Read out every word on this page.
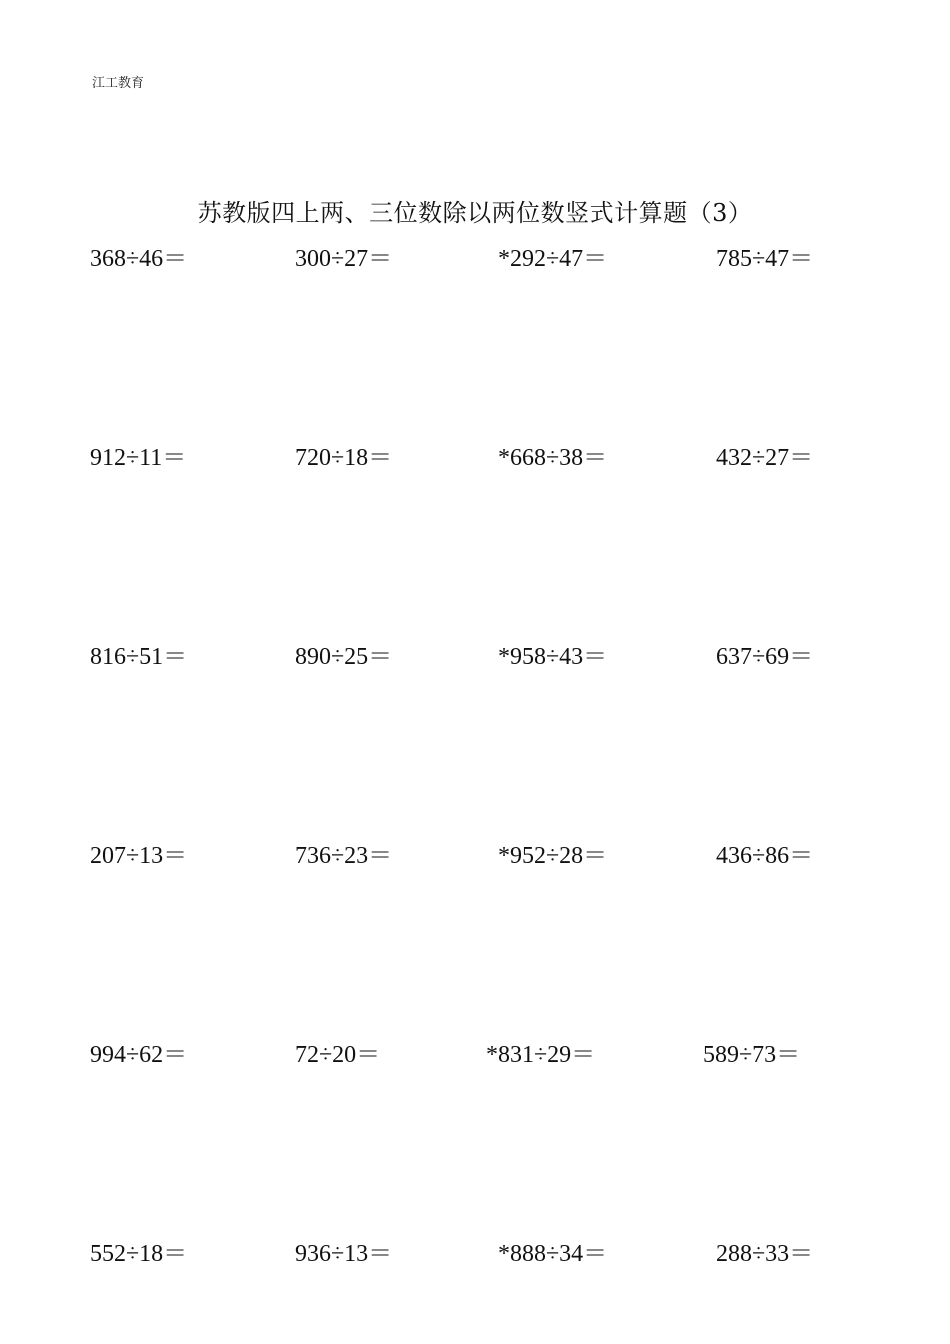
江工教育
苏教版四上两、三位数除以两位数竖式计算题（3）
368÷46＝	300÷27＝	*292÷47＝	785÷47＝
912÷11＝	720÷18＝	*668÷38＝	432÷27＝
816÷51＝	890÷25＝	*958÷43＝	637÷69＝
207÷13＝	736÷23＝	*952÷28＝	436÷86＝
994÷62＝	72÷20＝	*831÷29＝	589÷73＝
552÷18＝	936÷13＝	*888÷34＝	288÷33＝
